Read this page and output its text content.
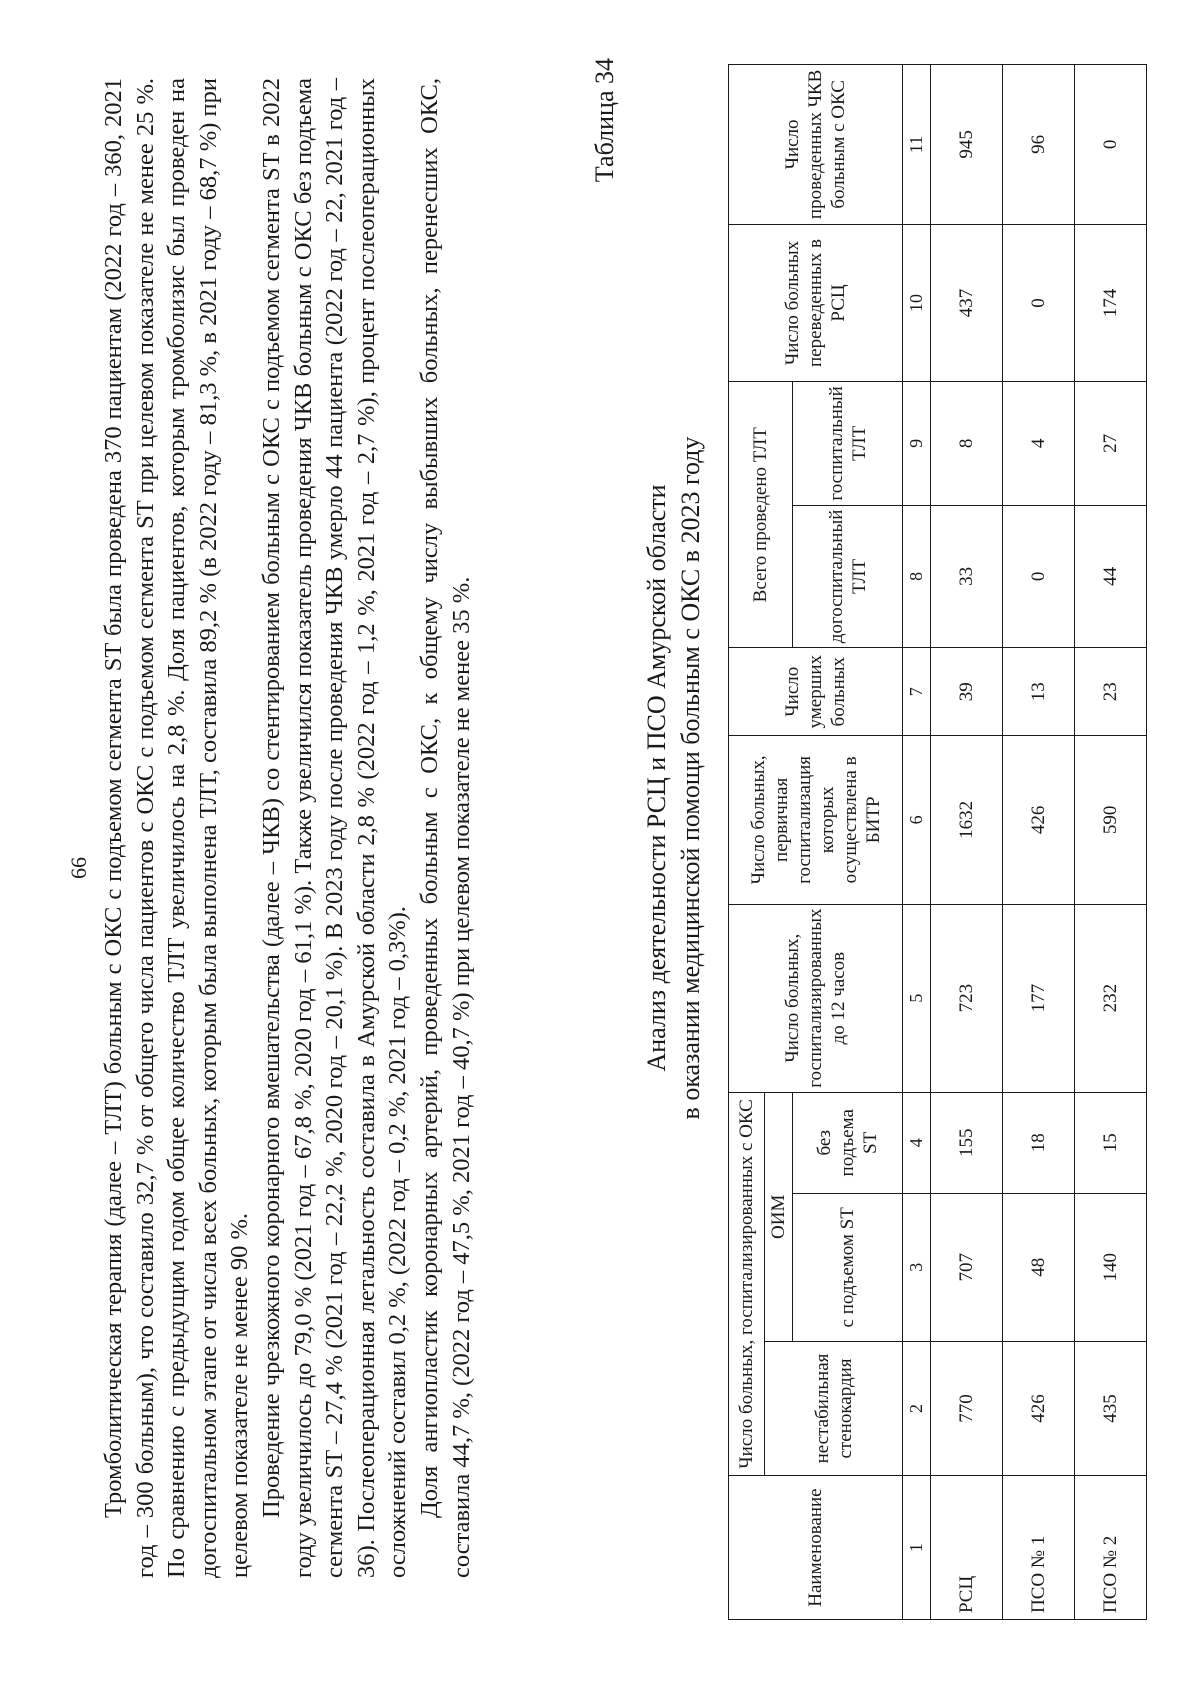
66 Тромболитическая терапия (далее – ТЛТ) больным с ОКС с подъемом сегмента ST была проведена 370 пациентам (2022 год – 360, 2021 год – 300 больным), что составило 32,7 % от общего числа пациентов с ОКС с подъемом сегмента ST при целевом показателе не менее 25 %. По сравнению с предыдущим годом общее количество ТЛТ увеличилось на 2,8 %. Доля пациентов, которым тромболизис был проведен на догоспитальном этапе от числа всех больных, которым была выполнена ТЛТ, составила 89,2 % (в 2022 году – 81,3 %, в 2021 году – 68,7 %) при целевом показателе не менее 90 %. Проведение чрезкожного коронарного вмешательства (далее – ЧКВ) со стентированием больным с ОКС с подъемом сегмента ST в 2022 году увеличилось до 79,0 % (2021 год – 67,8 %, 2020 год – 61,1 %). Также увеличился показатель проведения ЧКВ больным с ОКС без подъема сегмента ST – 27,4 % (2021 год – 22,2 %, 2020 год – 20,1 %). В 2023 году после проведения ЧКВ умерло 44 пациента (2022 год – 22, 2021 год – 36). Послеоперационная летальность составила в Амурской области 2,8 % (2022 год – 1,2 %, 2021 год – 2,7 %), процент послеоперационных осложнений составил 0,2 %, (2022 год – 0,2 %, 2021 год – 0,3%). Доля ангиопластик коронарных артерий, проведенных больным с ОКС, к общему числу выбывших больных, перенесших ОКС, составила 44,7 %, (2022 год – 47,5 %, 2021 год – 40,7 %) при целевом показателе не менее 35 %.

Таблица 34
Анализ деятельности РСЦ и ПСО Амурской области в оказании медицинской помощи больным с ОКС в 2023 году
Наименование	Число больных, госпитализированных с ОКС			Число больных, госпитализированных до 12 часов	Число больных, первичная госпитализация которых осуществлена в БИТР	Число умерших больных	Всего проведено ТЛТ		Число больных переведенных в РСЦ	Число проведенных ЧКВ больным с ОКС
	нестабильная стенокардия	ОИМ								
		с подъемом ST	без подъема ST				догоспитальный ТЛТ	госпитальный ТЛТ		
1	2	3	4	5	6	7	8	9	10	11
РСЦ	770	707	155	723	1632	39	33	8	437	945
ПСО № 1	426	48	18	177	426	13	0	4	0	96
ПСО № 2	435	140	15	232	590	23	44	27	174	0
